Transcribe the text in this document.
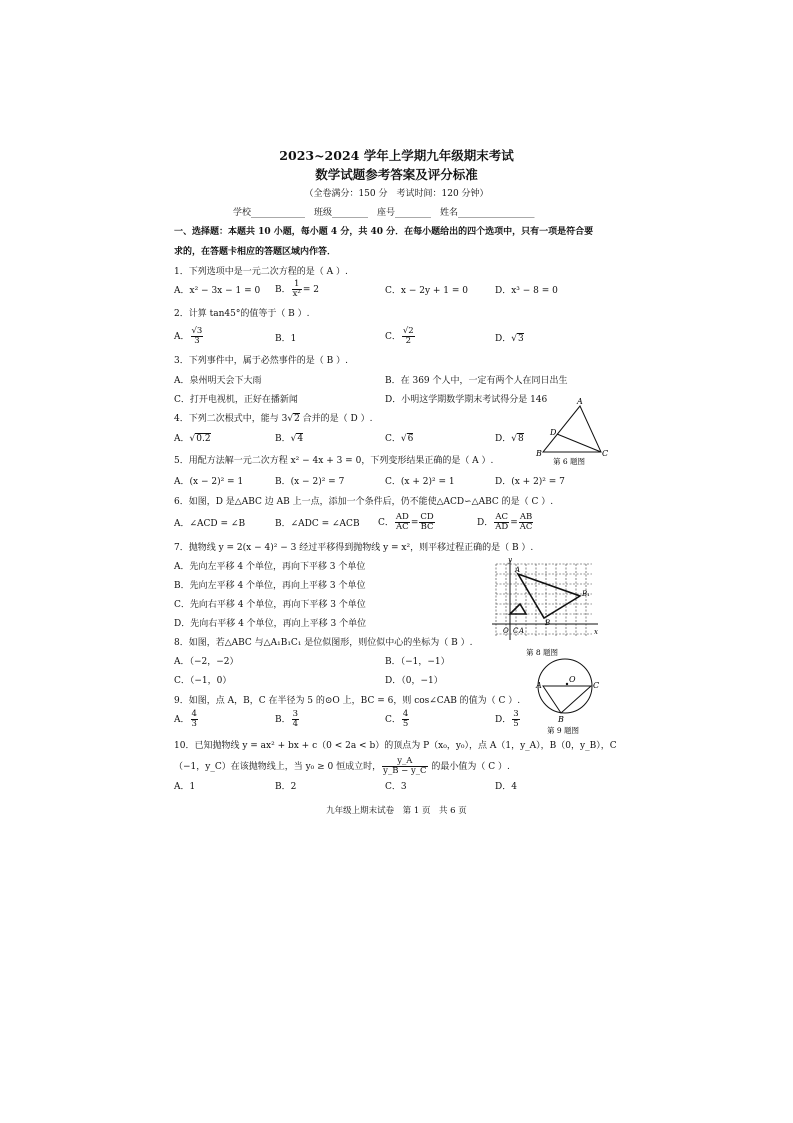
2023~2024 学年上学期九年级期末考试
数学试题参考答案及评分标准
（全卷满分：150 分　考试时间：120 分钟）
学校____________　班级________　座号________　姓名_________________
一、选择题：本题共 10 小题，每小题 4 分，共 40 分．在每小题给出的四个选项中，只有一项是符合要
求的，在答题卡相应的答题区域内作答．
1．下列选项中是一元二次方程的是（ A ）.
A．x² − 3x − 1 = 0 B． $\frac{1}{\text{x²}} = 2$	C．x − 2y + 1 = 0	D．x³ − 8 = 0
2．计算 tan45°的值等于（ B ）.
A． $\frac{√3}{3}$	B．1	C． $\frac{√2}{2}$	D．√3
3．下列事件中，属于必然事件的是（ B ）.
A．泉州明天会下大雨	B．在 369 个人中，一定有两个人在同日出生
C．打开电视机，正好在播新闻	D．小明这学期数学期末考试得分是 146
4．下列二次根式中，能与 3√2 合并的是（ D ）.
A．√0.2	B．√4	C．√6	D．√8
5．用配方法解一元二次方程 x² − 4x + 3 = 0，下列变形结果正确的是（ A ）.
A．(x − 2)² = 1	B．(x − 2)² = 7	C．(x + 2)² = 1	D．(x + 2)² = 7
6．如图，D 是△ABC 边 AB 上一点，添加一个条件后，仍不能使△ACD∽△ABC 的是（ C ）.
A．∠ACD = ∠B	B．∠ADC = ∠ACB C． $\frac{AD}{AC} = \frac{CD}{BC}$	D． $\frac{AC}{AD} = \frac{AB}{AC}$
7．抛物线 y = 2(x − 4)² − 3 经过平移得到抛物线 y = x²，则平移过程正确的是（ B ）.
A．先向左平移 4 个单位，再向下平移 3 个单位
B．先向左平移 4 个单位，再向上平移 3 个单位
C．先向右平移 4 个单位，再向下平移 3 个单位
D．先向右平移 4 个单位，再向上平移 3 个单位
8．如图，若△ABC 与△A₁B₁C₁ 是位似图形，则位似中心的坐标为（ B ）.
A．（−2，−2）	B．（−1，−1）
C．（−1，0）	D．（0，−1）
9．如图，点 A，B，C 在半径为 5 的⊙O 上，BC = 6，则 cos∠CAB 的值为（ C ）.
A． $\frac{4}{3}$	B． $\frac{3}{4}$	C． $\frac{4}{5}$	D． $\frac{3}{5}$
10．已知抛物线 y = ax² + bx + c（0 < 2a < b）的顶点为 P（x₀，y₀），点 A（1，y_A），B（0，y_B），C
（−1，y_C）在该抛物线上，当 y₀ ≥ 0 恒成立时， $\frac{y\_A}{y\_B - y\_C}$ 的最小值为（ C ）.
A．1	B．2	C．3	D．4
A
B	C
D
第 6 题图
y
x
O C A
B
A
B₁
第 8 题图
O
A
B
C
第 9 题图
九年级上期末试卷　第 1 页　共 6 页
